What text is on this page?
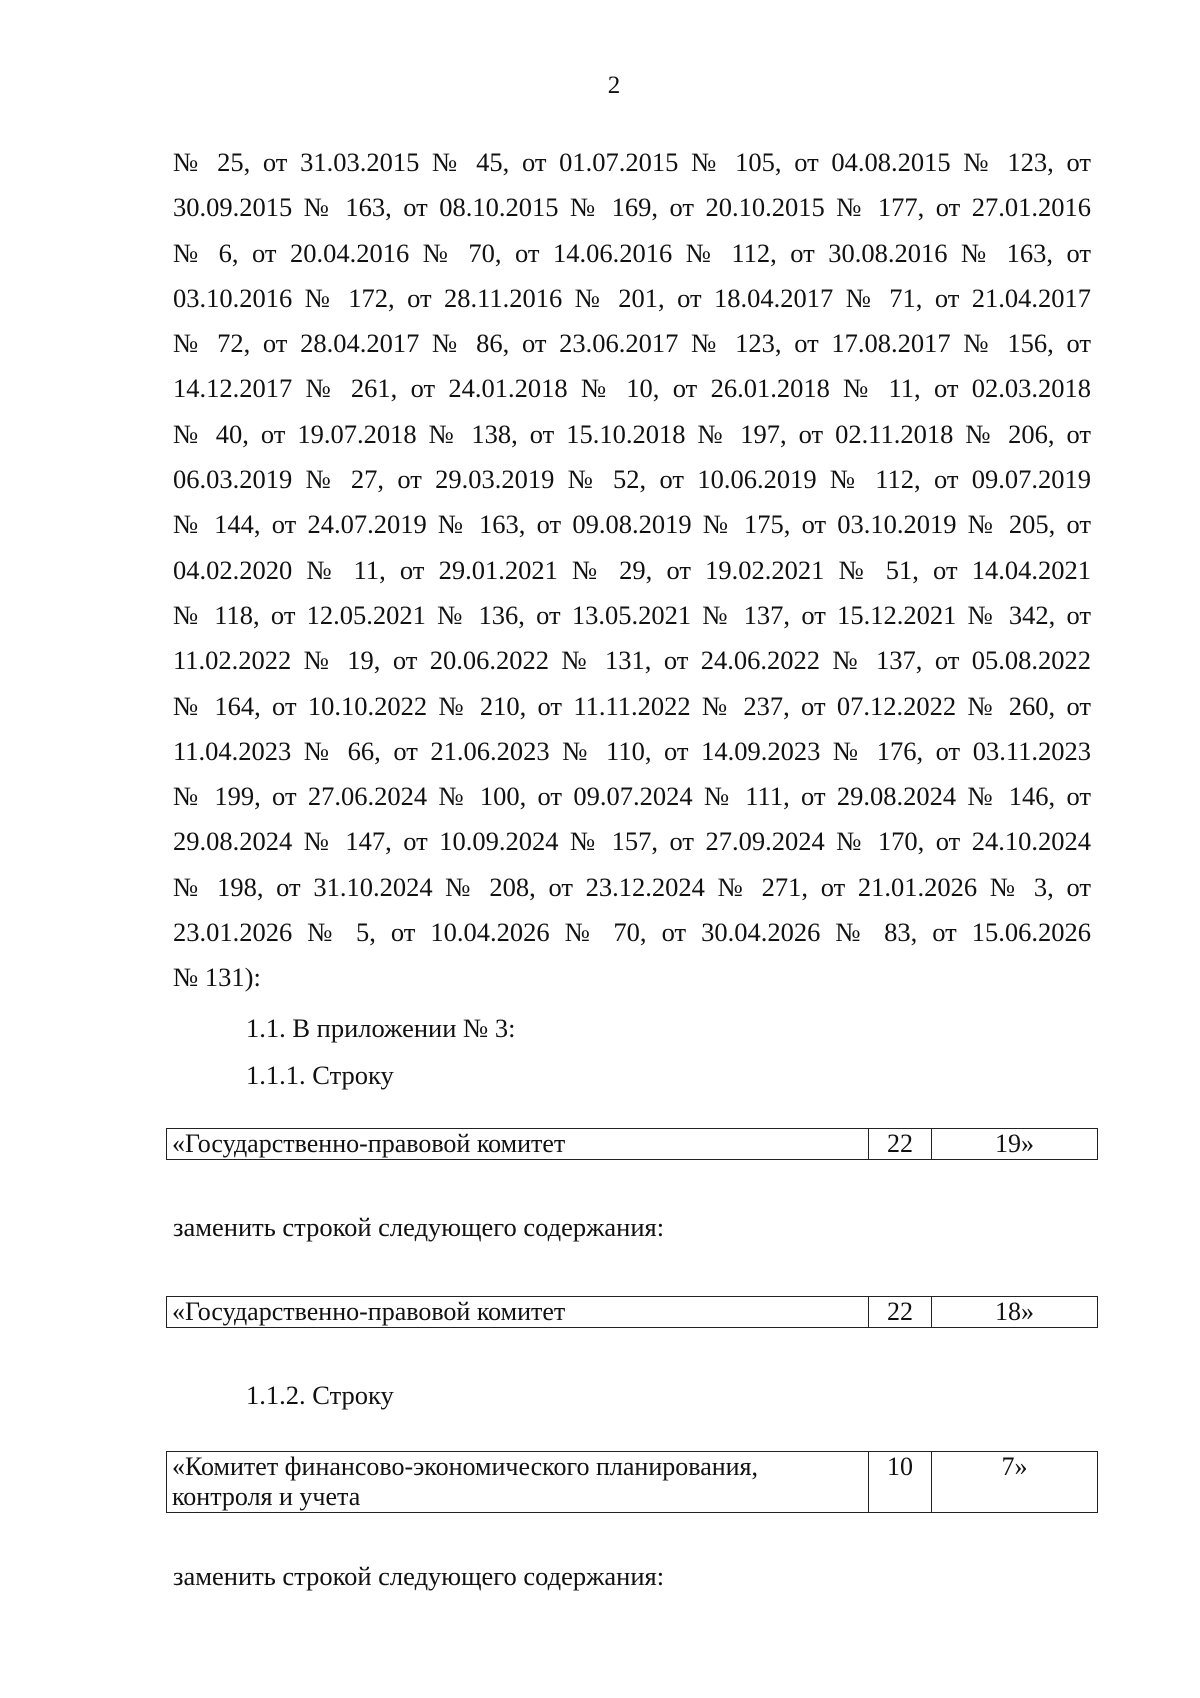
2

№ 25, от 31.03.2015 № 45, от 01.07.2015 № 105, от 04.08.2015 № 123, от
30.09.2015 № 163, от 08.10.2015 № 169, от 20.10.2015 № 177, от 27.01.2016
№ 6, от 20.04.2016 № 70, от 14.06.2016 № 112, от 30.08.2016 № 163, от
03.10.2016 № 172, от 28.11.2016 № 201, от 18.04.2017 № 71, от 21.04.2017
№ 72, от 28.04.2017 № 86, от 23.06.2017 № 123, от 17.08.2017 № 156, от
14.12.2017 № 261, от 24.01.2018 № 10, от 26.01.2018 № 11, от 02.03.2018
№ 40, от 19.07.2018 № 138, от 15.10.2018 № 197, от 02.11.2018 № 206, от
06.03.2019 № 27, от 29.03.2019 № 52, от 10.06.2019 № 112, от 09.07.2019
№ 144, от 24.07.2019 № 163, от 09.08.2019 № 175, от 03.10.2019 № 205, от
04.02.2020 № 11, от 29.01.2021 № 29, от 19.02.2021 № 51, от 14.04.2021
№ 118, от 12.05.2021 № 136, от 13.05.2021 № 137, от 15.12.2021 № 342, от
11.02.2022 № 19, от 20.06.2022 № 131, от 24.06.2022 № 137, от 05.08.2022
№ 164, от 10.10.2022 № 210, от 11.11.2022 № 237, от 07.12.2022 № 260, от
11.04.2023 № 66, от 21.06.2023 № 110, от 14.09.2023 № 176, от 03.11.2023
№ 199, от 27.06.2024 № 100, от 09.07.2024 № 111, от 29.08.2024 № 146, от
29.08.2024 № 147, от 10.09.2024 № 157, от 27.09.2024 № 170, от 24.10.2024
№ 198, от 31.10.2024 № 208, от 23.12.2024 № 271, от 21.01.2026 № 3, от
23.01.2026 № 5, от 10.04.2026 № 70, от 30.04.2026 № 83, от 15.06.2026
№ 131):

1.1. В приложении № 3:

1.1.1. Строку

«Государственно-правовой комитет	22	19»

заменить строкой следующего содержания:

«Государственно-правовой комитет	22	18»

1.1.2. Строку

«Комитет финансово-экономического планирования,
контроля и учета
	10	7»

заменить строкой следующего содержания:
